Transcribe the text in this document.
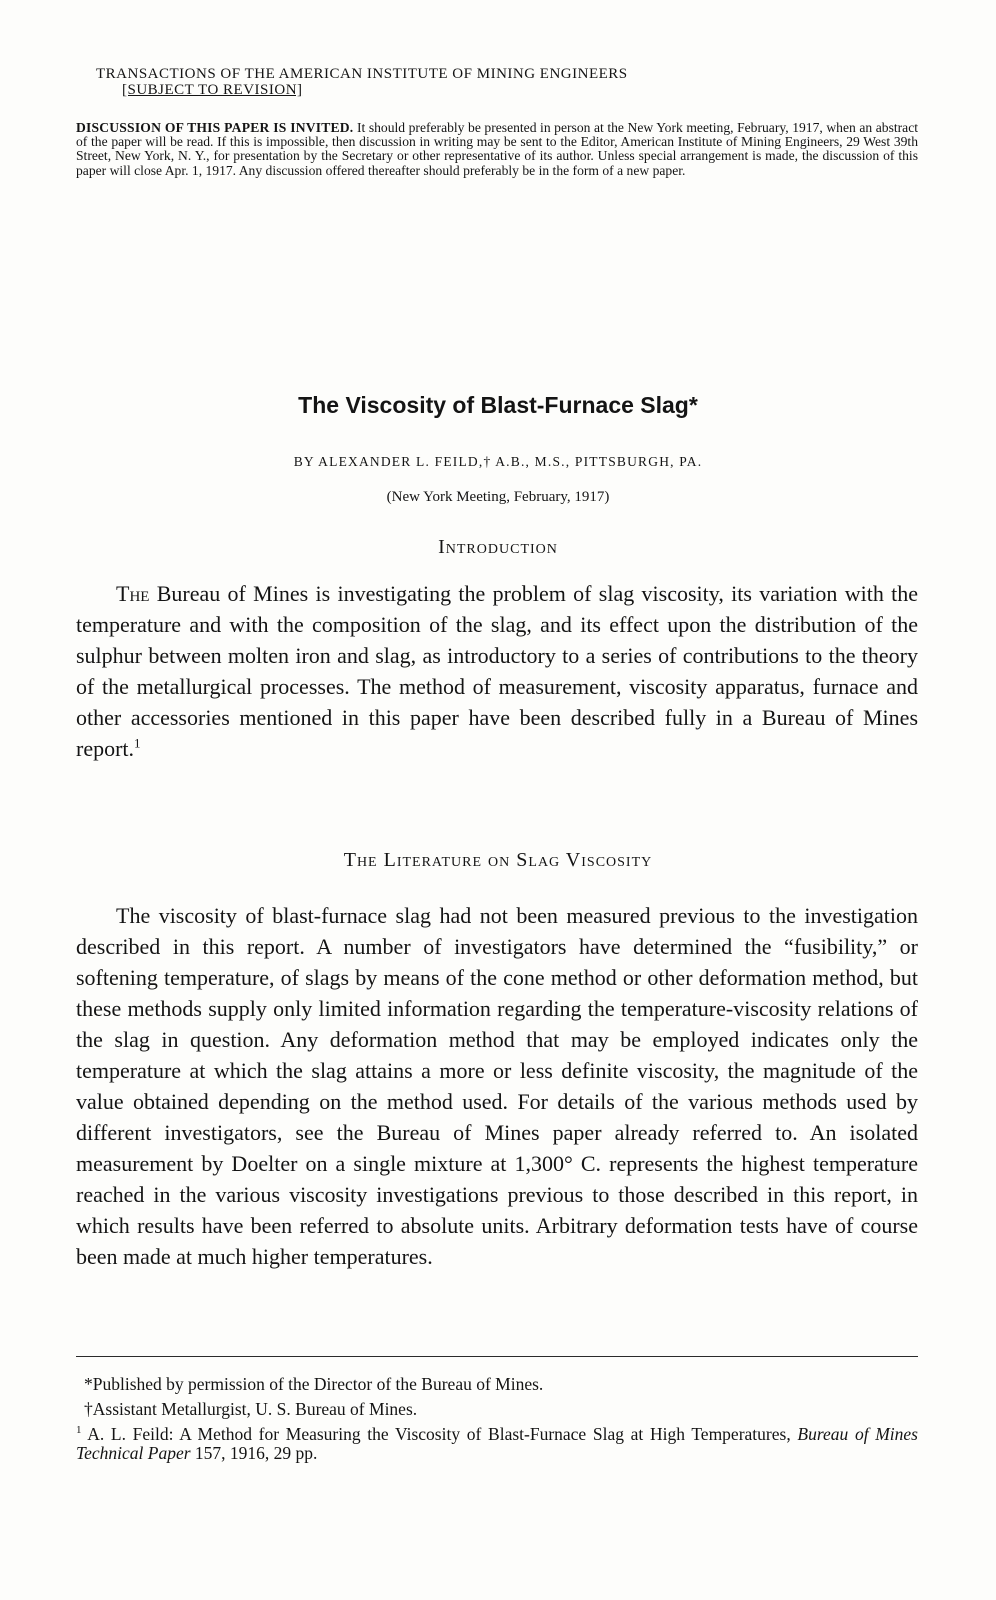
TRANSACTIONS OF THE AMERICAN INSTITUTE OF MINING ENGINEERS
[SUBJECT TO REVISION]
DISCUSSION OF THIS PAPER IS INVITED. It should preferably be presented in person at the New York meeting, February, 1917, when an abstract of the paper will be read. If this is impossible, then discussion in writing may be sent to the Editor, American Institute of Mining Engineers, 29 West 39th Street, New York, N. Y., for presentation by the Secretary or other representative of its author. Unless special arrangement is made, the discussion of this paper will close Apr. 1, 1917. Any discussion offered thereafter should preferably be in the form of a new paper.
The Viscosity of Blast-Furnace Slag*
BY ALEXANDER L. FEILD,† A.B., M.S., PITTSBURGH, PA.
(New York Meeting, February, 1917)
Introduction

The Bureau of Mines is investigating the problem of slag viscosity, its variation with the temperature and with the composition of the slag, and its effect upon the distribution of the sulphur between molten iron and slag, as introductory to a series of contributions to the theory of the metallurgical processes. The method of measurement, viscosity apparatus, furnace and other accessories mentioned in this paper have been described fully in a Bureau of Mines report.$^1$

The Literature on Slag Viscosity

The viscosity of blast-furnace slag had not been measured previous to the investigation described in this report. A number of investigators have determined the “fusibility,” or softening temperature, of slags by means of the cone method or other deformation method, but these methods supply only limited information regarding the temperature-viscosity relations of the slag in question. Any deformation method that may be employed indicates only the temperature at which the slag attains a more or less definite viscosity, the magnitude of the value obtained depending on the method used. For details of the various methods used by different investigators, see the Bureau of Mines paper already referred to. An isolated measurement by Doelter on a single mixture at 1,300° C. represents the highest temperature reached in the various viscosity investigations previous to those described in this report, in which results have been referred to absolute units. Arbitrary deformation tests have of course been made at much higher temperatures.

*Published by permission of the Director of the Bureau of Mines.
†Assistant Metallurgist, U. S. Bureau of Mines.
$^1$ A. L. Feild: A Method for Measuring the Viscosity of Blast-Furnace Slag at High Temperatures, Bureau of Mines Technical Paper 157, 1916, 29 pp.
